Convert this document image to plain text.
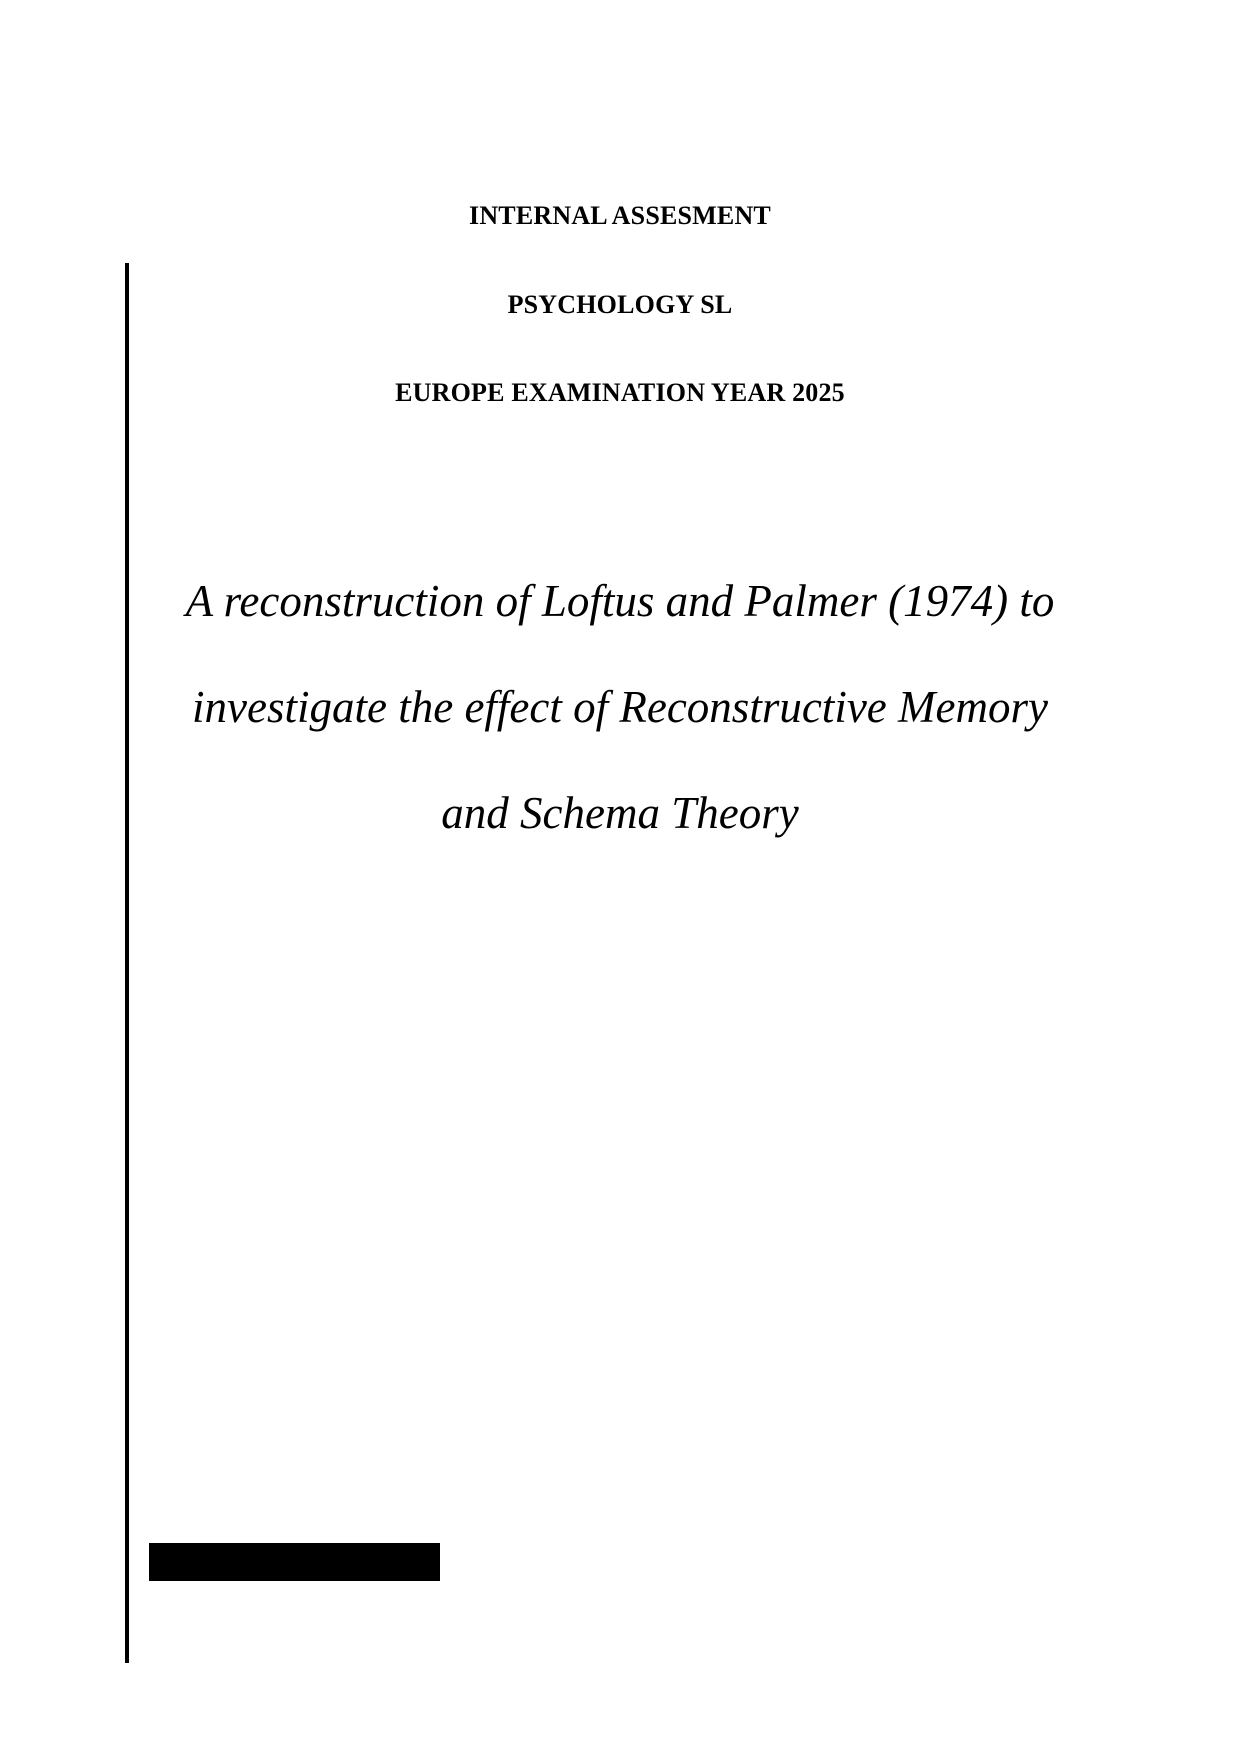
INTERNAL ASSESMENT
PSYCHOLOGY SL
EUROPE EXAMINATION YEAR 2025
A reconstruction of Loftus and Palmer (1974) to
investigate the effect of Reconstructive Memory
and Schema Theory
